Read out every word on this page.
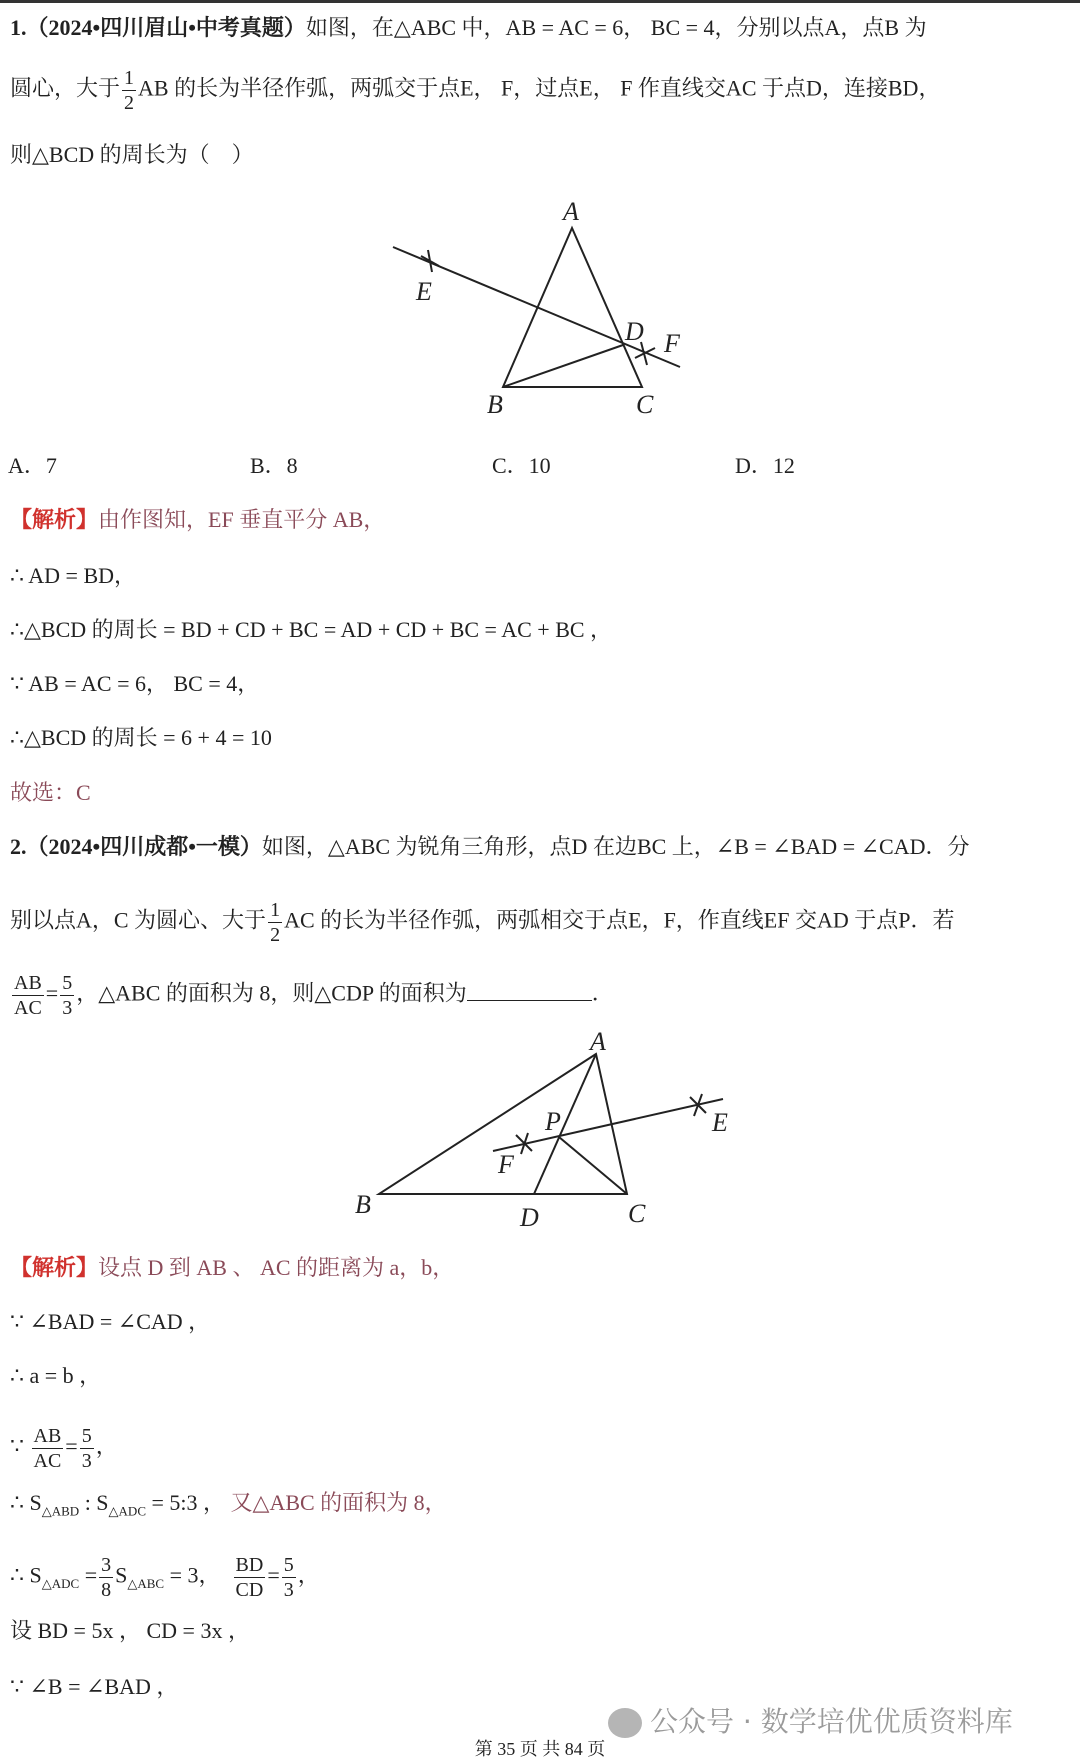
1.（2024•四川眉山•中考真题）如图，在△ABC 中，AB = AC = 6， BC = 4，分别以点A，点B 为
圆心，大于 $\frac{1}{2}$ AB 的长为半径作弧，两弧交于点E， F，过点E， F 作直线交AC 于点D，连接BD，
则△BCD 的周长为（　）
A
E
D F
B	C
A．7	B．8	C．10	D．12
【解析】由作图知，EF 垂直平分 AB，
∴ AD = BD，
∴△BCD 的周长 = BD + CD + BC = AD + CD + BC = AC + BC ，
∵ AB = AC = 6， BC = 4，
∴△BCD 的周长 = 6 + 4 = 10
故选：C
2.（2024•四川成都•一模）如图，△ABC 为锐角三角形，点D 在边BC 上，∠B = ∠BAD = ∠CAD．分
别以点A，C 为圆心、大于 $\frac{1}{2}$ AC 的长为半径作弧，两弧相交于点E，F，作直线EF 交AD 于点P．若
$\frac{AB}{AC} = \frac{5}{3}$ ，△ABC 的面积为 8，则△CDP 的面积为	．
A
P	E
F
B	D	C
【解析】设点 D 到 AB 、 AC 的距离为 a，b，
∵ ∠BAD = ∠CAD ，
∴ a = b ，
∵ $\frac{AB}{AC} = \frac{5}{3}$ ，
∴ $S_{\triangle ABD}$ : $S_{\triangle ADC}$ = 5:3 ， 又△ABC 的面积为 8，
∴ $S_{\triangle ADC} = \frac{3}{8} S_{\triangle ABC} = 3$， $\frac{BD}{CD} = \frac{5}{3}$ ，
设 BD = 5x ， CD = 3x ，
∵ ∠B = ∠BAD ，
公众号 · 数学培优优质资料库
第 35 页 共 84 页
